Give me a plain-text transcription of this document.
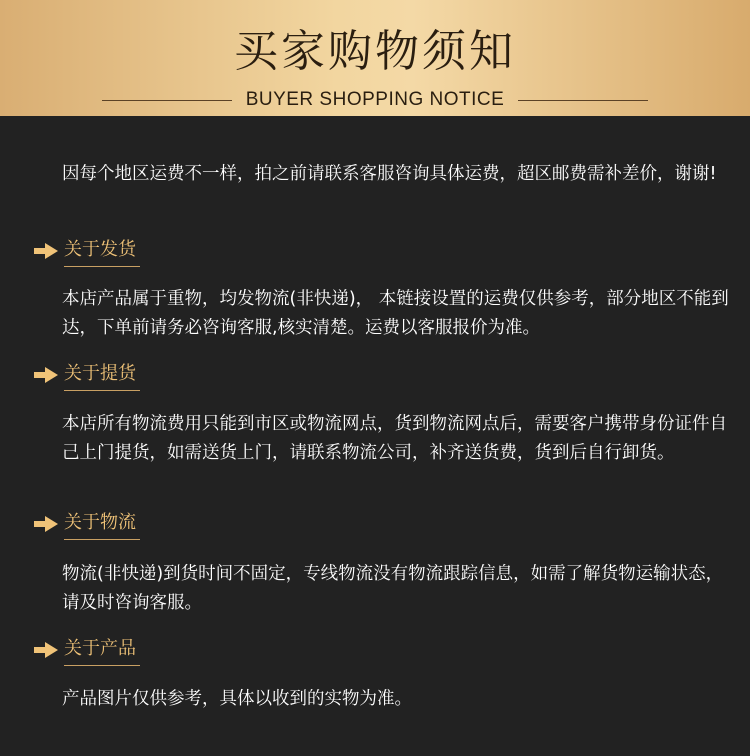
买家购物须知
BUYER SHOPPING NOTICE
因每个地区运费不一样，拍之前请联系客服咨询具体运费，超区邮费需补差价，谢谢!
关于发货
本店产品属于重物，均发物流(非快递)， 本链接设置的运费仅供参考，部分地区不能到达，下单前请务必咨询客服,核实清楚。运费以客服报价为准。
关于提货
本店所有物流费用只能到市区或物流网点，货到物流网点后，需要客户携带身份证件自己上门提货，如需送货上门，请联系物流公司，补齐送货费，货到后自行卸货。
关于物流
物流(非快递)到货时间不固定，专线物流没有物流跟踪信息，如需了解货物运输状态，请及时咨询客服。
关于产品
产品图片仅供参考，具体以收到的实物为准。
